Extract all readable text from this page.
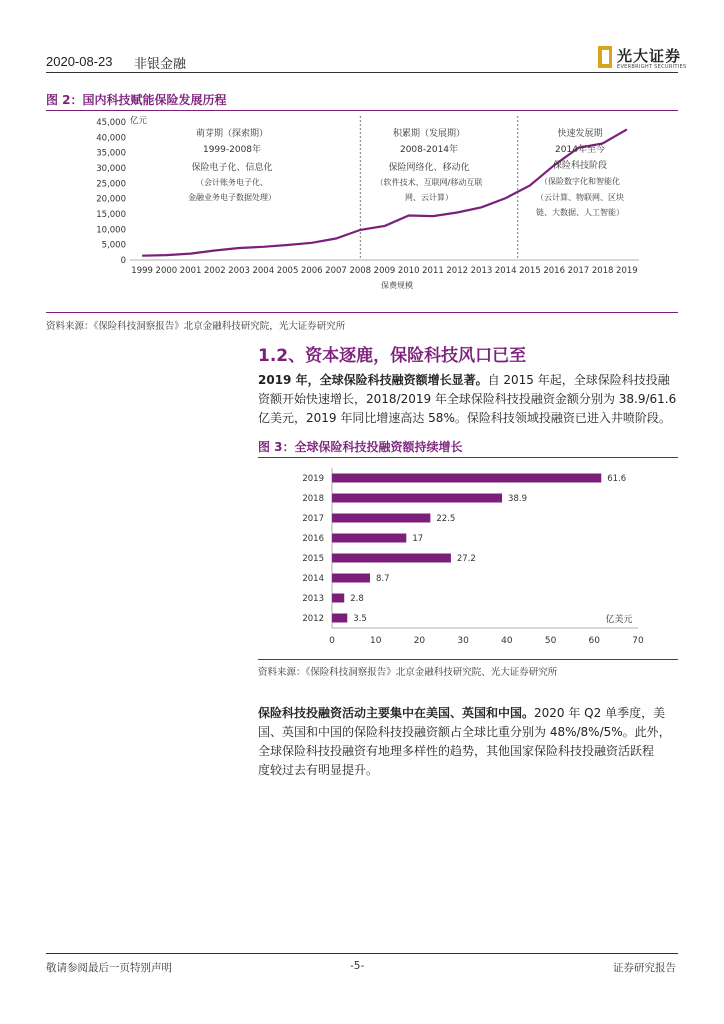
2020-08-23 非银金融	光大证券
EVERBRIGHT SECURITIES
图 2：国内科技赋能保险发展历程
0
5,000
10,000
15,000
20,000
25,000
30,000
35,000
40,000
45,000
1999 2000 2001 2002 2003 2004 2005 2006 2007 2008 2009 2010 2011 2012 2013 2014 2015 2016 2017 2018 2019
亿元
保费规模
萌芽期（探索期）
1999-2008年
保险电子化、信息化
（会计账务电子化、
金融业务电子数据处理）
积累期（发展期）
2008-2014年
保险网络化、移动化
（软件技术、互联网/移动互联
网、云计算）
快速发展期
2014年至今
保险科技阶段
（保险数字化和智能化
（云计算、物联网、区块
链、大数据、人工智能）
资料来源：《保险科技洞察报告》北京金融科技研究院，光大证券研究所
1.2、资本逐鹿，保险科技风口已至
2019 年，全球保险科技融资额增长显著。自 2015 年起，全球保险科技投融
资额开始快速增长，2018/2019 年全球保险科技投融资金额分别为 38.9/61.6
亿美元，2019 年同比增速高达 58%。保险科技领域投融资已进入井喷阶段。
图 3：全球保险科技投融资额持续增长
2019
2018
2017
2016
2015
2014
2013
2012
61.6
38.9
22.5
17
27.2
8.7
2.8
3.5
0	10	20	30	40	50	60	70
亿美元
资料来源：《保险科技洞察报告》北京金融科技研究院、光大证券研究所
保险科技投融资活动主要集中在美国、英国和中国。2020 年 Q2 单季度，美
国、英国和中国的保险科技投融资额占全球比重分别为 48%/8%/5%。此外，
全球保险科技投融资有地理多样性的趋势，其他国家保险科技投融资活跃程
度较过去有明显提升。
敬请参阅最后一页特别声明	-5-	证券研究报告
